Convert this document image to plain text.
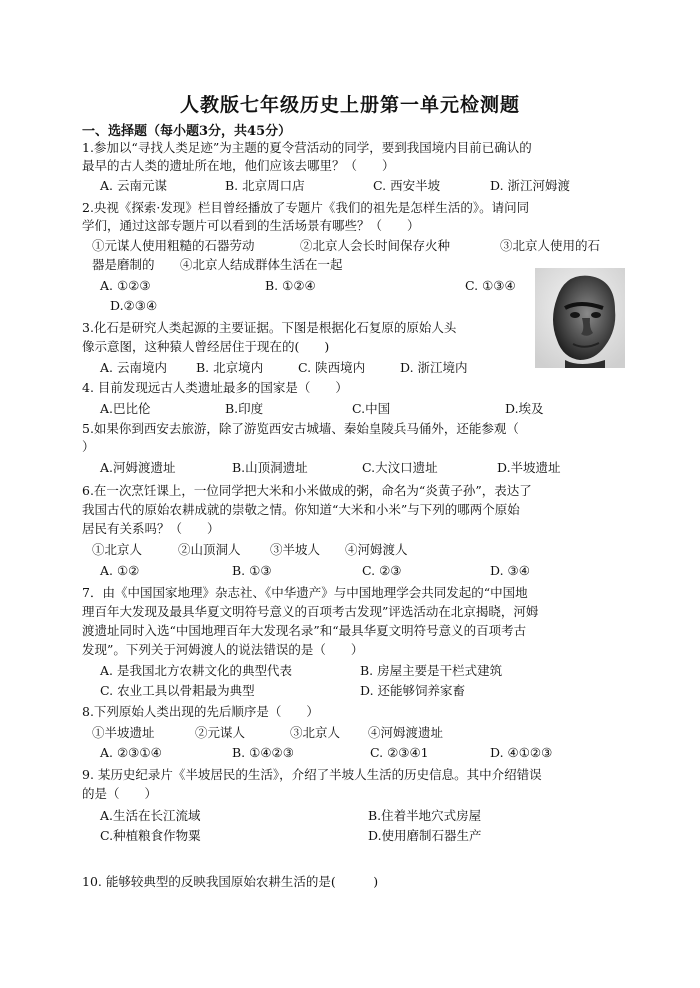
人教版七年级历史上册第一单元检测题
一、选择题（每小题3分，共45分）
1.参加以“寻找人类足迹”为主题的夏令营活动的同学，要到我国境内目前已确认的
最早的古人类的遗址所在地，他们应该去哪里？（　　）
A. 云南元谋	B. 北京周口店	C. 西安半坡	D. 浙江河姆渡
2.央视《探索·发现》栏目曾经播放了专题片《我们的祖先是怎样生活的》。请问同
学们，通过这部专题片可以看到的生活场景有哪些？（　　）
①元谋人使用粗糙的石器劳动	②北京人会长时间保存火种	③北京人使用的石
器是磨制的 ④北京人结成群体生活在一起
A. ①②③	B. ①②④	C. ①③④
D.②③④
3.化石是研究人类起源的主要证据。下图是根据化石复原的原始人头
像示意图，这种猿人曾经居住于现在的(　　)
A. 云南境内 B. 北京境内	C. 陕西境内	D. 浙江境内
4. 目前发现远古人类遗址最多的国家是（　　）
A.巴比伦	B.印度	C.中国	D.埃及
5.如果你到西安去旅游，除了游览西安古城墙、秦始皇陵兵马俑外，还能参观（
）
A.河姆渡遗址	B.山顶洞遗址	C.大汶口遗址	D.半坡遗址
6.在一次烹饪课上，一位同学把大米和小米做成的粥，命名为“炎黄子孙”，表达了
我国古代的原始农耕成就的崇敬之情。你知道“大米和小米”与下列的哪两个原始
居民有关系吗？（　　）
①北京人	②山顶洞人 ③半坡人 ④河姆渡人
A. ①②	B. ①③	C. ②③	D. ③④
7．由《中国国家地理》杂志社、《中华遗产》与中国地理学会共同发起的“中国地
理百年大发现及最具华夏文明符号意义的百项考古发现”评选活动在北京揭晓，河姆
渡遗址同时入选“中国地理百年大发现名录”和“最具华夏文明符号意义的百项考古
发现”。下列关于河姆渡人的说法错误的是（　　）
A. 是我国北方农耕文化的典型代表	B. 房屋主要是干栏式建筑
C. 农业工具以骨耜最为典型	D. 还能够饲养家畜
8.下列原始人类出现的先后顺序是（　　）
①半坡遗址	②元谋人	③北京人 ④河姆渡遗址
A. ②③①④	B. ①④②③	C. ②③④1	D. ④①②③
9. 某历史纪录片《半坡居民的生活》，介绍了半坡人生活的历史信息。其中介绍错误
的是（　　）
A.生活在长江流域	B.住着半地穴式房屋
C.种植粮食作物粟	D.使用磨制石器生产
10. 能够较典型的反映我国原始农耕生活的是(　　　)
